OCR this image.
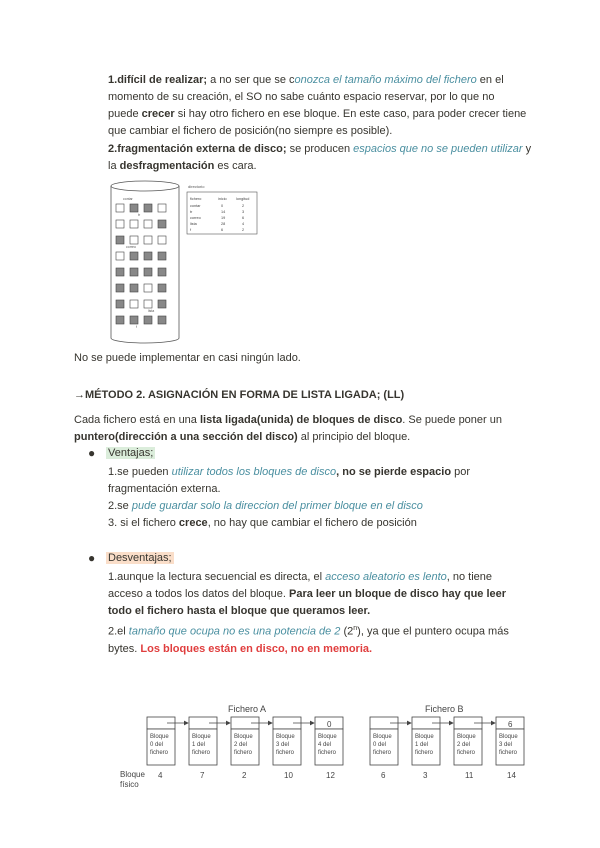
1.difícil de realizar; a no ser que se conozca el tamaño máximo del fichero en el momento de su creación, el SO no sabe cuánto espacio reservar, por lo que no puede crecer si hay otro fichero en ese bloque. En este caso, para poder crecer tiene que cambiar el fichero de posición(no siempre es posible).

2.fragmentación externa de disco; se producen espacios que no se pueden utilizar y la desfragmentación es cara.

contar
tr
correo
lista
f
directorio
fichero	inicio longitud
contar	0	2
tr	14	3
correo	19	6
lista	28	4
f	6	2

No se puede implementar en casi ningún lado.

→MÉTODO 2. ASIGNACIÓN EN FORMA DE LISTA LIGADA; (LL)

Cada fichero está en una lista ligada(unida) de bloques de disco. Se puede poner un puntero(dirección a una sección del disco) al principio del bloque.

● Ventajas;

1.se pueden utilizar todos los bloques de disco, no se pierde espacio por fragmentación externa.

2.se pude guardar solo la direccion del primer bloque en el disco

3. si el fichero crece, no hay que cambiar el fichero de posición

● Desventajas;

1.aunque la lectura secuencial es directa, el acceso aleatorio es lento, no tiene acceso a todos los datos del bloque. Para leer un bloque de disco hay que leer todo el fichero hasta el bloque que queramos leer.

2.el tamaño que ocupa no es una potencia de 2 (2$^n$), ya que el puntero ocupa más bytes. Los bloques están en disco, no en memoria.

Fichero A	Fichero B
0	6
Bloque
0 del
fichero
Bloque
1 del
fichero
Bloque
2 del
fichero
Bloque
3 del
fichero
Bloque
4 del
fichero
Bloque
0 del
fichero
Bloque
1 del
fichero
Bloque
2 del
fichero
Bloque
3 del
fichero
4	7	2	10	12	6	3	11	14
Bloque
físico
